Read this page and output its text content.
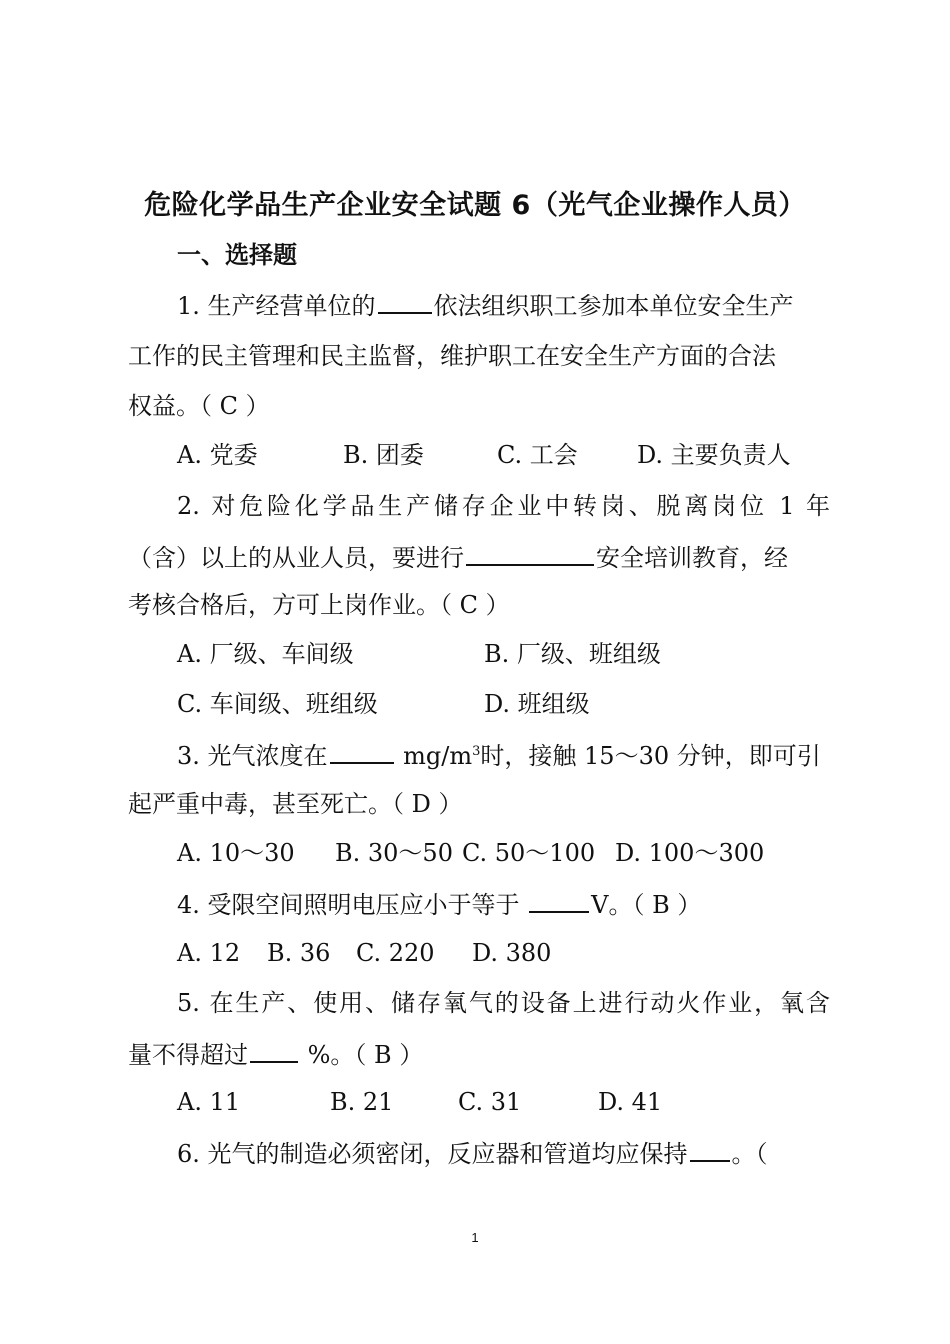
危险化学品生产企业安全试题 6（光气企业操作人员）
一、选择题
1. 生产经营单位的 依法组织职工参加本单位安全生产
工作的民主管理和民主监督，维护职工在安全生产方面的合法
权益。（ C ）
A. 党委	B. 团委	C. 工会 D. 主要负责人
2. 对危险化学品生产储存企业中转岗、脱离岗位 1 年
（含）以上的从业人员，要进行	安全培训教育，经
考核合格后，方可上岗作业。（ C ）
A. 厂级、车间级	B. 厂级、班组级
C. 车间级、班组级	D. 班组级
3. 光气浓度在	$mg/m^3$时，接触 15～30 分钟，即可引
起严重中毒，甚至死亡。（ D ）
A. 10～30 B. 30～50 C. 50～100 D. 100～300
4. 受限空间照明电压应小于等于	V。（ B ）
A. 12 B. 36 C. 220 D. 380
5. 在生产、使用、储存氧气的设备上进行动火作业，氧含
量不得超过 %。（ B ）
A. 11	B. 21	C. 31	D. 41
6. 光气的制造必须密闭，反应器和管道均应保持 。（
1
